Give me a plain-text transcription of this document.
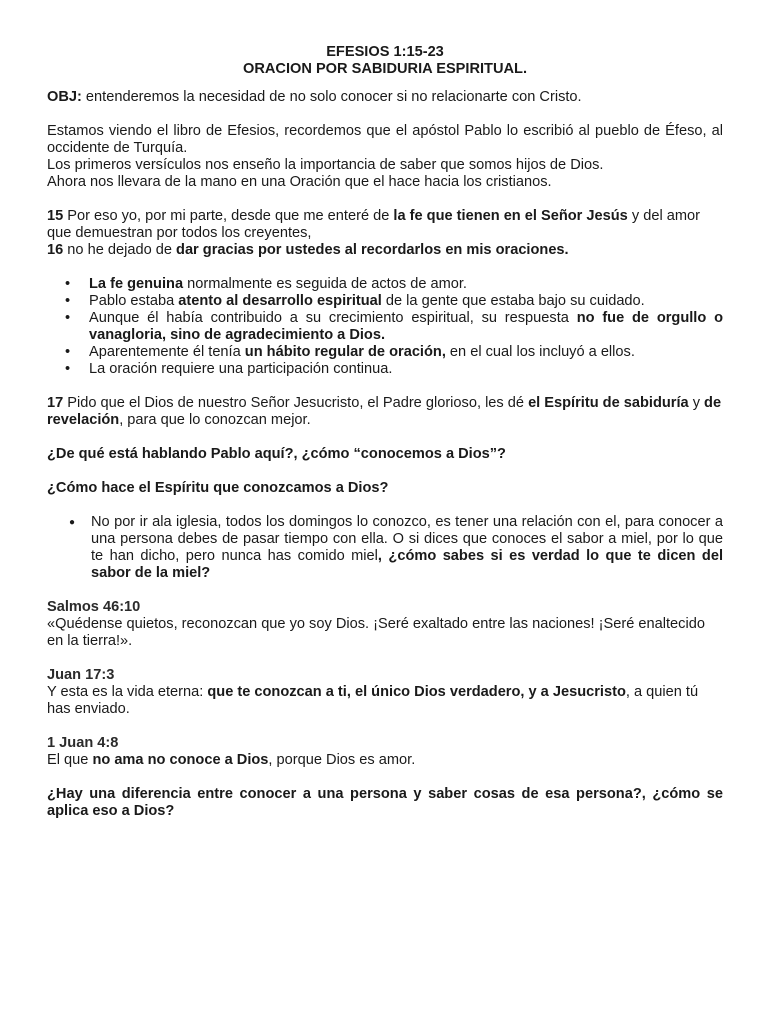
EFESIOS 1:15-23

ORACION POR SABIDURIA ESPIRITUAL.

OBJ: entenderemos la necesidad de no solo conocer si no relacionarte con Cristo.

Estamos viendo el libro de Efesios, recordemos que el apóstol Pablo lo escribió al pueblo de Éfeso, al occidente de Turquía.

Los primeros versículos nos enseño la importancia de saber que somos hijos de Dios.

Ahora nos llevara de la mano en una Oración que el hace hacia los cristianos.

15 Por eso yo, por mi parte, desde que me enteré de la fe que tienen en el Señor Jesús y del amor que demuestran por todos los creyentes,

16 no he dejado de dar gracias por ustedes al recordarlos en mis oraciones.

• La fe genuina normalmente es seguida de actos de amor.
• Pablo estaba atento al desarrollo espiritual de la gente que estaba bajo su cuidado.
• Aunque él había contribuido a su crecimiento espiritual, su respuesta no fue de orgullo o vanagloria, sino de agradecimiento a Dios.
• Aparentemente él tenía un hábito regular de oración, en el cual los incluyó a ellos.
• La oración requiere una participación continua.

17 Pido que el Dios de nuestro Señor Jesucristo, el Padre glorioso, les dé el Espíritu de sabiduría y de revelación, para que lo conozcan mejor.

¿De qué está hablando Pablo aquí?, ¿cómo “conocemos a Dios”?

¿Cómo hace el Espíritu que conozcamos a Dios?

● No por ir ala iglesia, todos los domingos lo conozco, es tener una relación con el, para conocer a una persona debes de pasar tiempo con ella. O si dices que conoces el sabor a miel, por lo que te han dicho, pero nunca has comido miel, ¿cómo sabes si es verdad lo que te dicen del sabor de la miel?

Salmos 46:10

«Quédense quietos, reconozcan que yo soy Dios. ¡Seré exaltado entre las naciones! ¡Seré enaltecido en la tierra!».

Juan 17:3

Y esta es la vida eterna: que te conozcan a ti, el único Dios verdadero, y a Jesucristo, a quien tú has enviado.

1 Juan 4:8

El que no ama no conoce a Dios, porque Dios es amor.

¿Hay una diferencia entre conocer a una persona y saber cosas de esa persona?, ¿cómo se aplica eso a Dios?
